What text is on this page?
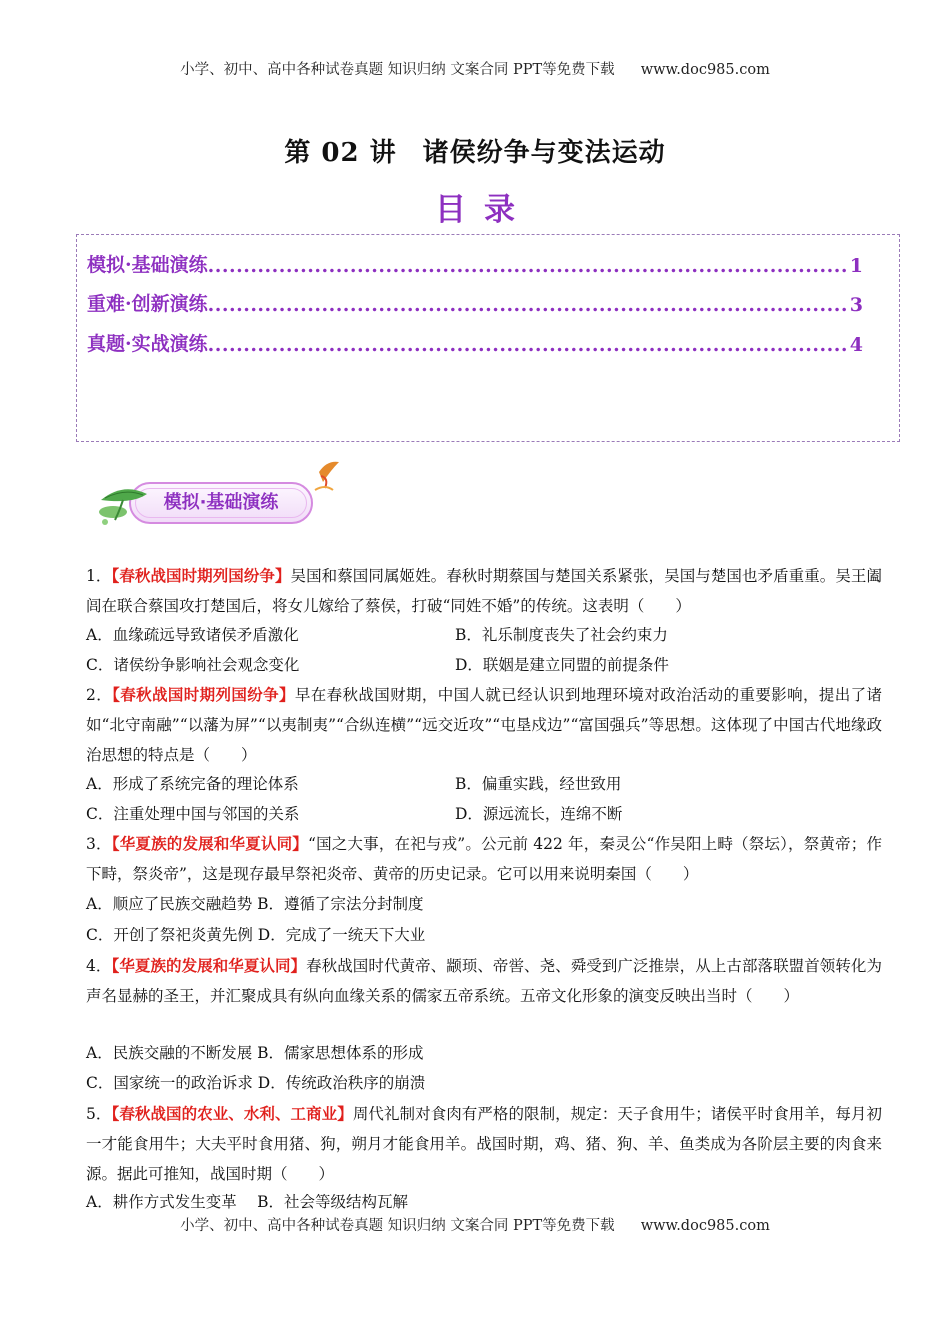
小学、初中、高中各种试卷真题 知识归纳 文案合同 PPT等免费下载 www.doc985.com
第 02 讲 诸侯纷争与变法运动
目 录
模拟·基础演练 .....	1
重难·创新演练 .....	3
真题·实战演练 .....	4
模拟·基础演练
1．【春秋战国时期列国纷争】吴国和蔡国同属姬姓。春秋时期蔡国与楚国关系紧张，吴国与楚国也矛盾重重。吴王阖闾在联合蔡国攻打楚国后，将女儿嫁给了蔡侯，打破“同姓不婚”的传统。这表明（　　）
A．血缘疏远导致诸侯矛盾激化	B．礼乐制度丧失了社会约束力
C．诸侯纷争影响社会观念变化	D．联姻是建立同盟的前提条件
2．【春秋战国时期列国纷争】早在春秋战国财期，中国人就已经认识到地理环境对政治活动的重要影响，提出了诸如“北守南融”“以藩为屏”“以夷制夷”“合纵连横”“远交近攻”“屯垦戍边”“富国强兵”等思想。这体现了中国古代地缘政治思想的特点是（　　）
A．形成了系统完备的理论体系	B．偏重实践，经世致用
C．注重处理中国与邻国的关系	D．源远流长，连绵不断
3．【华夏族的发展和华夏认同】“国之大事，在祀与戎”。公元前 422 年，秦灵公“作吴阳上畤（祭坛），祭黄帝；作下畤，祭炎帝”，这是现存最早祭祀炎帝、黄帝的历史记录。它可以用来说明秦国（　　）
A．顺应了民族交融趋势 B．遵循了宗法分封制度
C．开创了祭祀炎黄先例 D．完成了一统天下大业
4．【华夏族的发展和华夏认同】春秋战国时代黄帝、颛顼、帝喾、尧、舜受到广泛推崇，从上古部落联盟首领转化为声名显赫的圣王，并汇聚成具有纵向血缘关系的儒家五帝系统。五帝文化形象的演变反映出当时（　　）
A．民族交融的不断发展 B．儒家思想体系的形成
C．国家统一的政治诉求 D．传统政治秩序的崩溃
5．【春秋战国的农业、水利、工商业】周代礼制对食肉有严格的限制，规定：天子食用牛；诸侯平时食用羊，每月初一才能食用牛；大夫平时食用猪、狗，朔月才能食用羊。战国时期，鸡、猪、狗、羊、鱼类成为各阶层主要的肉食来源。据此可推知，战国时期（　　）
A．耕作方式发生变革　 B．社会等级结构瓦解
小学、初中、高中各种试卷真题 知识归纳 文案合同 PPT等免费下载 www.doc985.com
